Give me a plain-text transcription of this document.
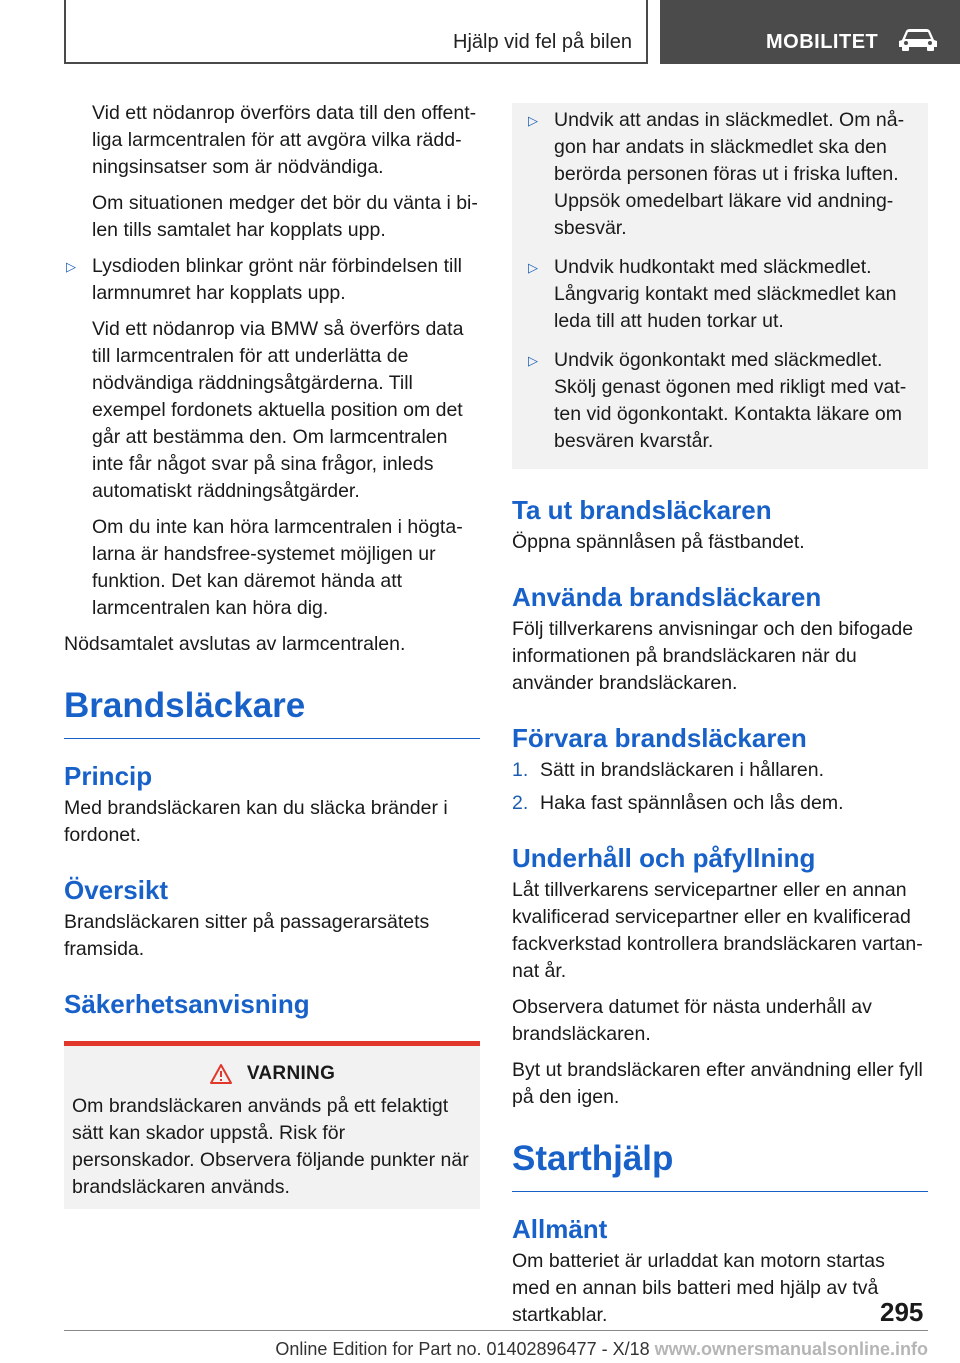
Hjälp vid fel på bilen	MOBILITET

Vid ett nödanrop överförs data till den offentliga larmcentralen för att avgöra vilka räddningsinsatser som är nödvändiga.

Om situationen medger det bör du vänta i bilen tills samtalet har kopplats upp.

▷ Lysdioden blinkar grönt när förbindelsen till larmnumret har kopplats upp.

Vid ett nödanrop via BMW så överförs data till larmcentralen för att underlätta de nödvändiga räddningsåtgärderna. Till exempel fordonets aktuella position om det går att bestämma den. Om larmcentralen inte får något svar på sina frågor, inleds automatiskt räddningsåtgärder.

Om du inte kan höra larmcentralen i högtalarna är handsfree-systemet möjligen ur funktion. Det kan däremot hända att larmcentralen kan höra dig.

Nödsamtalet avslutas av larmcentralen.

Brandsläckare
Princip

Med brandsläckaren kan du släcka bränder i fordonet.

Översikt

Brandsläckaren sitter på passagerarsätets framsida.

Säkerhetsanvisning
VARNING

Om brandsläckaren används på ett felaktigt sätt kan skador uppstå. Risk för personskador. Observera följande punkter när brandsläckaren används.

▷ Undvik att andas in släckmedlet. Om någon har andats in släckmedlet ska den berörda personen föras ut i friska luften. Uppsök omedelbart läkare vid andningsbesvär.

▷ Undvik hudkontakt med släckmedlet. Långvarig kontakt med släckmedlet kan leda till att huden torkar ut.

▷ Undvik ögonkontakt med släckmedlet. Skölj genast ögonen med rikligt med vatten vid ögonkontakt. Kontakta läkare om besvären kvarstår.

Ta ut brandsläckaren

Öppna spännlåsen på fästbandet.

Använda brandsläckaren

Följ tillverkarens anvisningar och den bifogade informationen på brandsläckaren när du använder brandsläckaren.

Förvara brandsläckaren
1. Sätt in brandsläckaren i hållaren.
2. Haka fast spännlåsen och lås dem.
Underhåll och påfyllning

Låt tillverkarens servicepartner eller en annan kvalificerad servicepartner eller en kvalificerad fackverkstad kontrollera brandsläckaren vartannat år.

Observera datumet för nästa underhåll av brandsläckaren.

Byt ut brandsläckaren efter användning eller fyll på den igen.

Starthjälp
Allmänt

Om batteriet är urladdat kan motorn startas med en annan bils batteri med hjälp av två startkablar.	295
Online Edition for Part no. 01402896477 - X/18 www.ownersmanualsonline.info
